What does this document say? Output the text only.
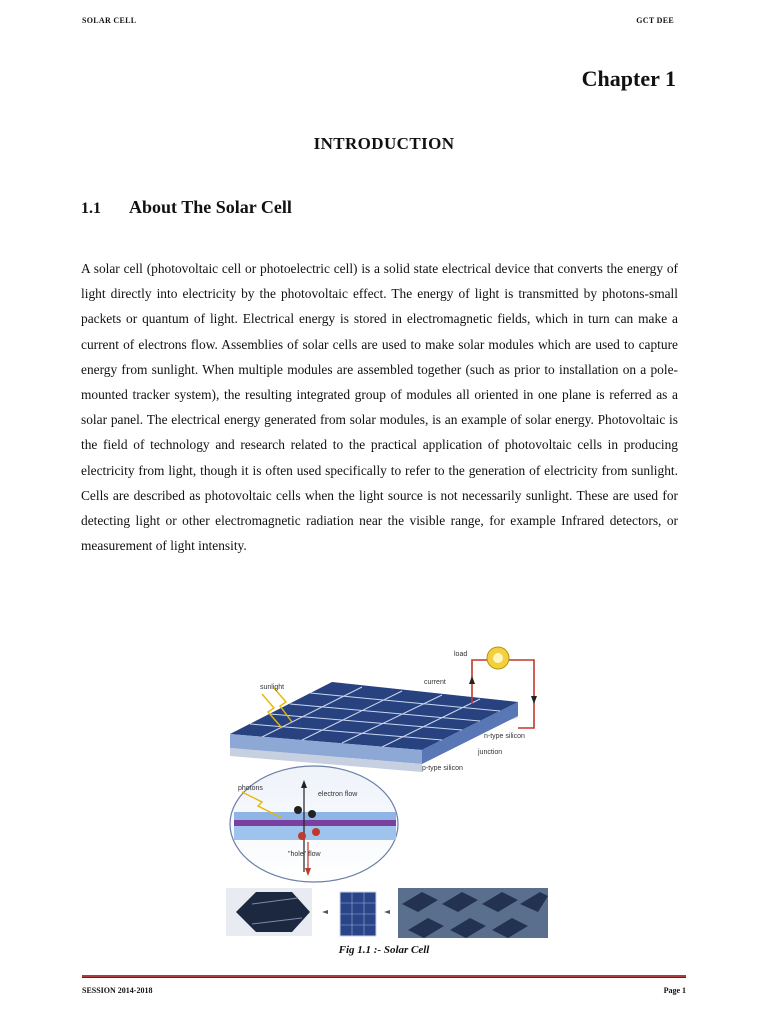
SOLAR CELL	GCT DEE
Chapter 1
INTRODUCTION
1.1 About The Solar Cell

A solar cell (photovoltaic cell or photoelectric cell) is a solid state electrical device that converts the energy of light directly into electricity by the photovoltaic effect. The energy of light is transmitted by photons-small packets or quantum of light. Electrical energy is stored in electromagnetic fields, which in turn can make a current of electrons flow. Assemblies of solar cells are used to make solar modules which are used to capture energy from sunlight. When multiple modules are assembled together (such as prior to installation on a pole-mounted tracker system), the resulting integrated group of modules all oriented in one plane is referred as a solar panel. The electrical energy generated from solar modules, is an example of solar energy. Photovoltaic is the field of technology and research related to the practical application of photovoltaic cells in producing electricity from light, though it is often used specifically to refer to the generation of electricity from sunlight. Cells are described as photovoltaic cells when the light source is not necessarily sunlight. These are used for detecting light or other electromagnetic radiation near the visible range, for example Infrared detectors, or measurement of light intensity.

sunlight
load
current
n-type silicon
junction
p-type silicon
photons
electron flow
"hole" flow
Fig 1.1 :- Solar Cell
SESSION 2014-2018	Page 1
